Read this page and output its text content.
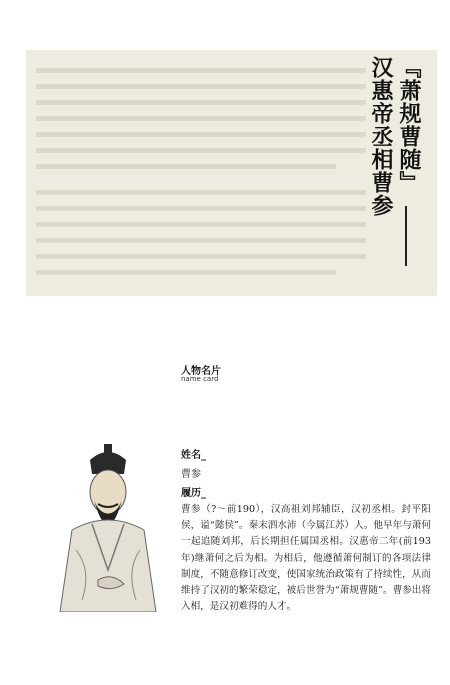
『萧规曹随』
汉惠帝丞相曹参
人物名片
name card
姓名_
曹参
履历_
曹参（?～前190），汉高祖刘邦辅臣，汉初丞相。封平阳侯，谥“懿侯”。秦末泗水沛（今属江苏）人。他早年与萧何一起追随刘邦，后长期担任属国丞相。汉惠帝二年(前193年)继萧何之后为相。为相后，他遵循萧何制订的各项法律制度，不随意修订改变，使国家统治政策有了持续性，从而维持了汉初的繁荣稳定，被后世誉为“萧规曹随”。曹参出将入相，是汉初难得的人才。
